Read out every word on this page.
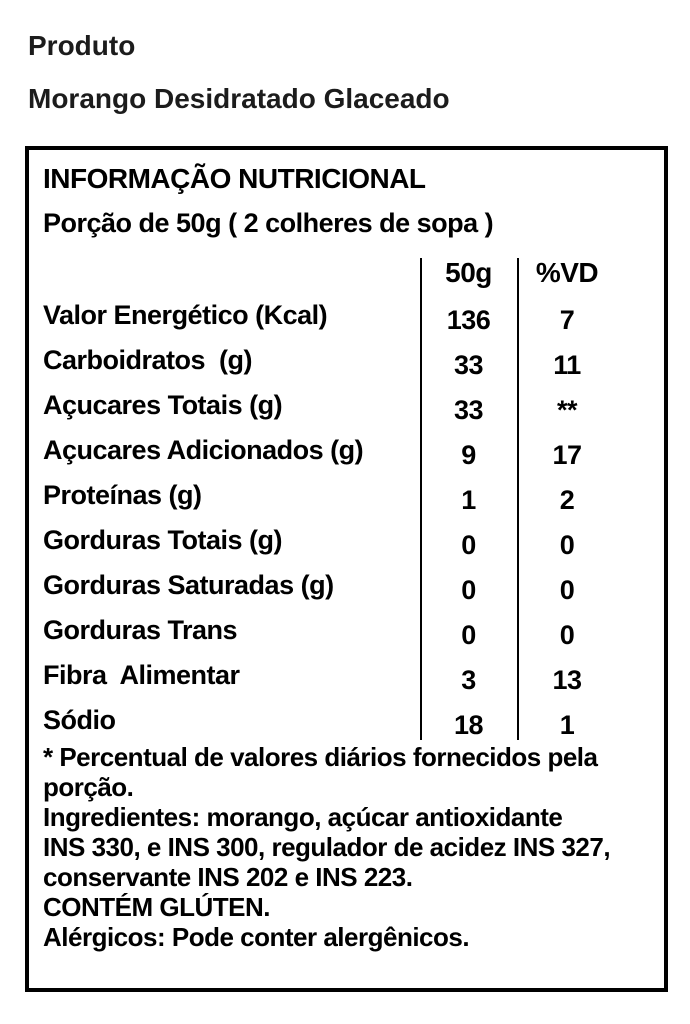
Produto
Morango Desidratado Glaceado
INFORMAÇÃO NUTRICIONAL
Porção de 50g ( 2 colheres de sopa )
50g	%VD
Valor Energético (Kcal)	136	7
Carboidratos  (g)	33	11
Açucares Totais (g)	33	**
Açucares Adicionados (g)	9	17
Proteínas (g)	1	2
Gorduras Totais (g)	0	0
Gorduras Saturadas (g)	0	0
Gorduras Trans	0	0
Fibra  Alimentar	3	13
Sódio	18	1
* Percentual de valores diários fornecidos pela
porção.
Ingredientes: morango, açúcar antioxidante
INS 330, e INS 300, regulador de acidez INS 327,
conservante INS 202 e INS 223.
CONTÉM GLÚTEN.
Alérgicos: Pode conter alergênicos.
